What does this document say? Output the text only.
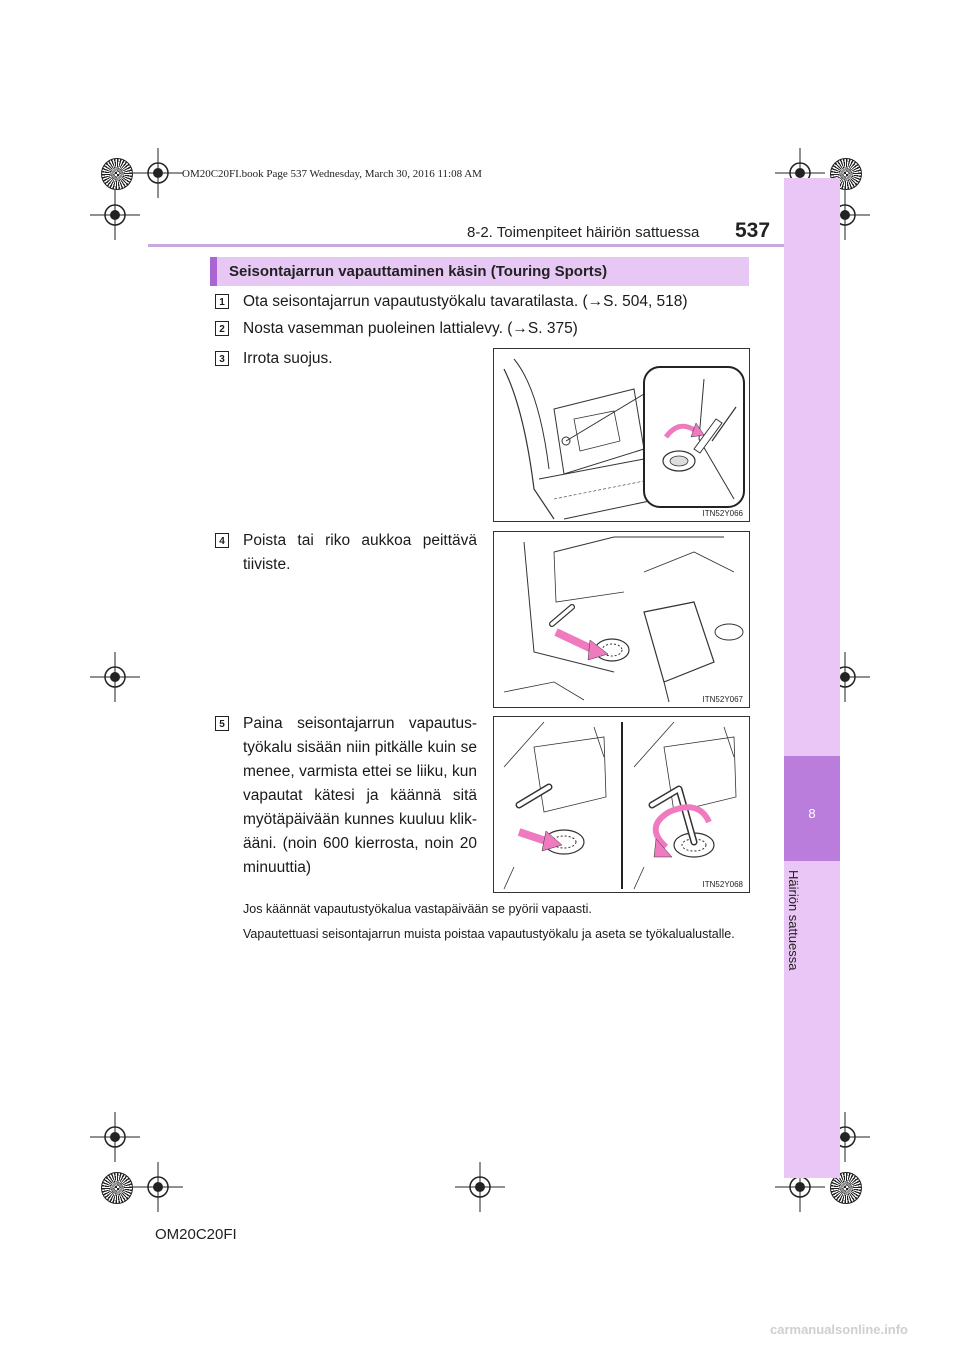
OM20C20FI.book Page 537 Wednesday, March 30, 2016 11:08 AM
8
Häiriön sattuessa
8-2. Toimenpiteet häiriön sattuessa 537
Seisontajarrun vapauttaminen käsin (Touring Sports)
1 Ota seisontajarrun vapautustyökalu tavaratilasta. (→S. 504, 518)
2 Nosta vasemman puoleinen lattialevy. (→S. 375)
3 Irrota suojus.
ITN52Y066
4 Poista tai riko aukkoa peittävä tiiviste.
ITN52Y067
5 Paina seisontajarrun vapautus-työkalu sisään niin pitkälle kuin se menee, varmista ettei se liiku, kun vapautat kätesi ja käännä sitä myötäpäivään kunnes kuuluu klik-ääni. (noin 600 kierrosta, noin 20 minuuttia)
ITN52Y068
Jos käännät vapautustyökalua vastapäivään se pyörii vapaasti.
Vapautettuasi seisontajarrun muista poistaa vapautustyökalu ja aseta se työkalualustalle.
OM20C20FI
carmanualsonline.info
